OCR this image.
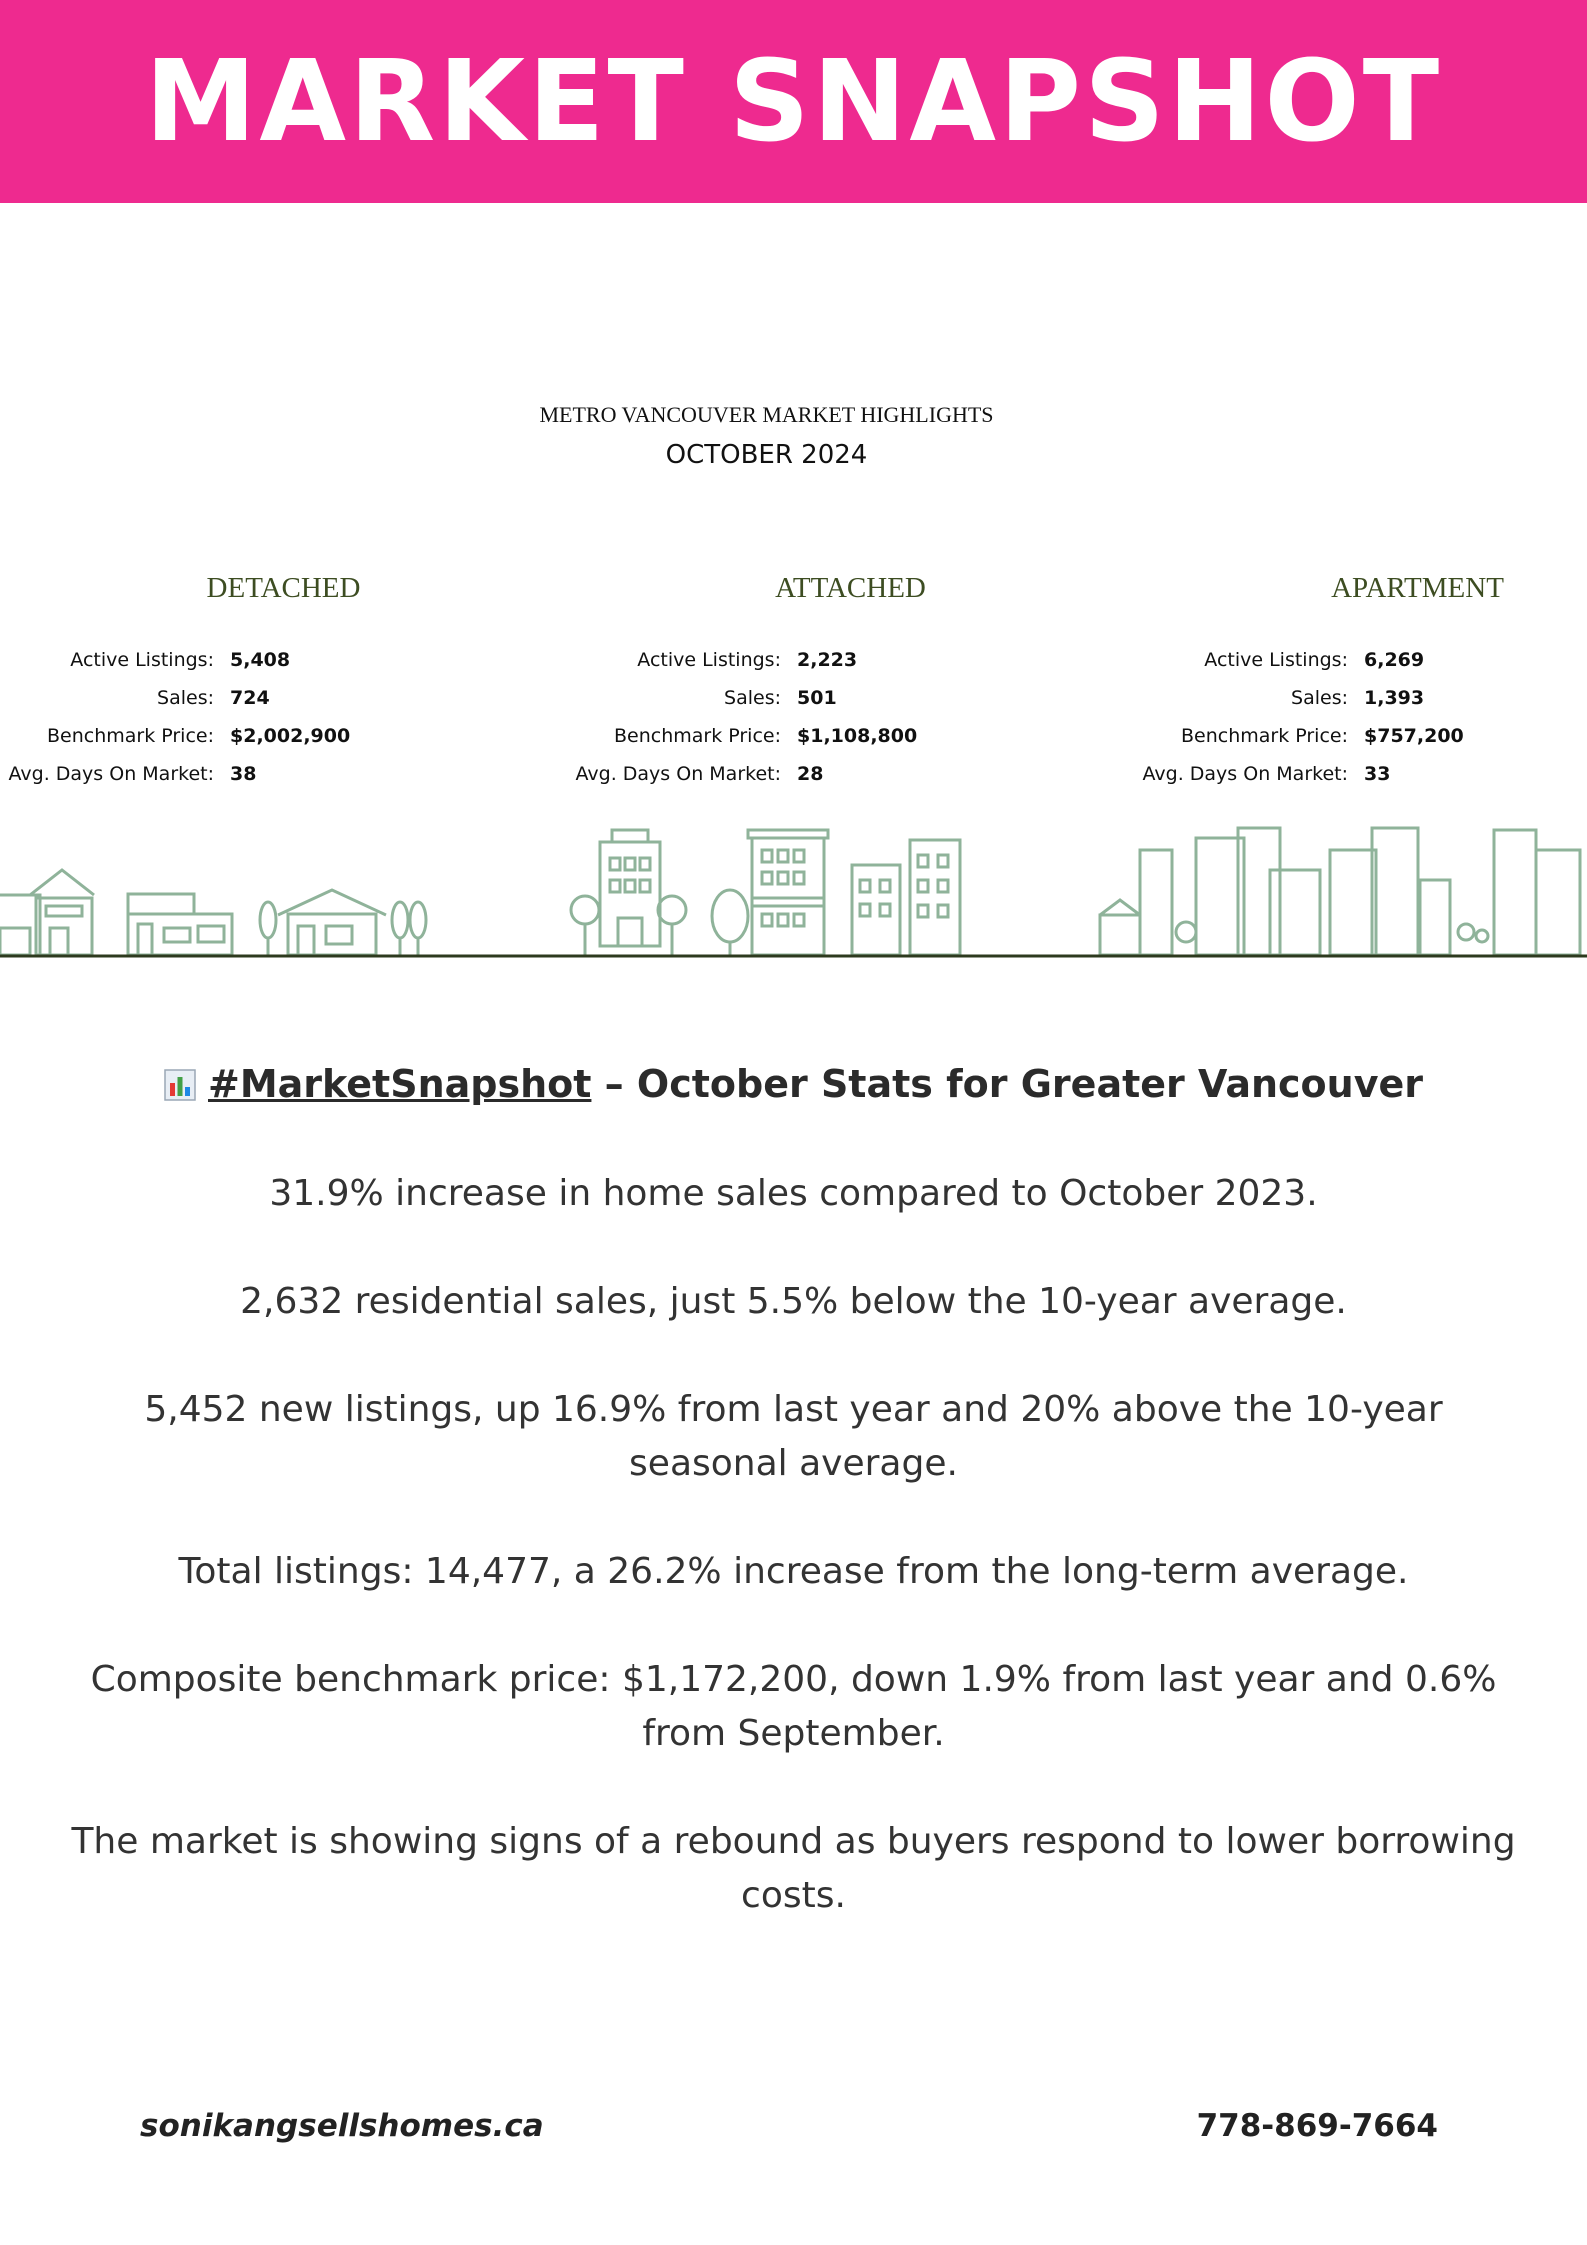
MARKET SNAPSHOT
METRO VANCOUVER MARKET HIGHLIGHTS
OCTOBER 2024
DETACHED
Active Listings: 5,408
Sales: 724
Benchmark Price: $2,002,900
Avg. Days On Market: 38
ATTACHED
Active Listings: 2,223
Sales: 501
Benchmark Price: $1,108,800
Avg. Days On Market: 28
APARTMENT
Active Listings: 6,269
Sales: 1,393
Benchmark Price: $757,200
Avg. Days On Market: 33
#MarketSnapshot – October Stats for Greater Vancouver
31.9% increase in home sales compared to October 2023.
2,632 residential sales, just 5.5% below the 10-year average.
5,452 new listings, up 16.9% from last year and 20% above the 10-year seasonal average.
Total listings: 14,477, a 26.2% increase from the long-term average.
Composite benchmark price: $1,172,200, down 1.9% from last year and 0.6% from September.
The market is showing signs of a rebound as buyers respond to lower borrowing costs.
sonikangsellshomes.ca	778-869-7664
